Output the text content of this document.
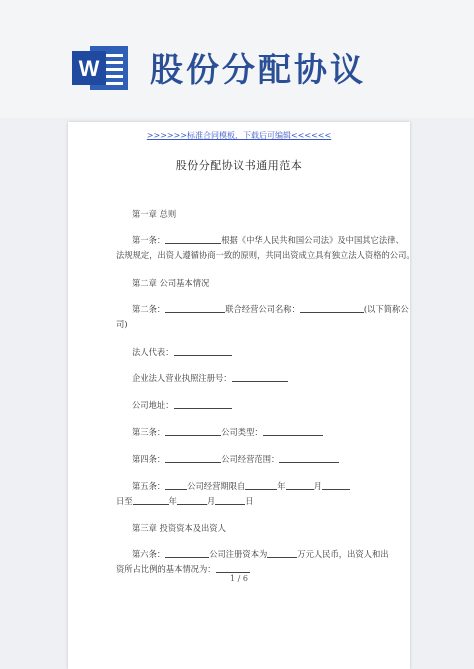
W 股份分配协议
>>>>>>标准合同模板，下载后可编辑<<<<<<
股份分配协议书通用范本
第一章 总则
第一条：	根据《中华人民共和国公司法》及中国其它法律、
法规规定，出资人遵循协商一致的原则，共同出资成立具有独立法人资格的公司。
第二章 公司基本情况
第二条：	联合经营公司名称：	(以下简称公
司)
法人代表：
企业法人营业执照注册号：
公司地址：
第三条：	公司类型：
第四条：	公司经营范围：
第五条：	公司经营期限自	年	月
日至	年	月	日
第三章 投资资本及出资人
第六条：	公司注册资本为	万元人民币，出资人和出
资所占比例的基本情况为：
1 / 6
